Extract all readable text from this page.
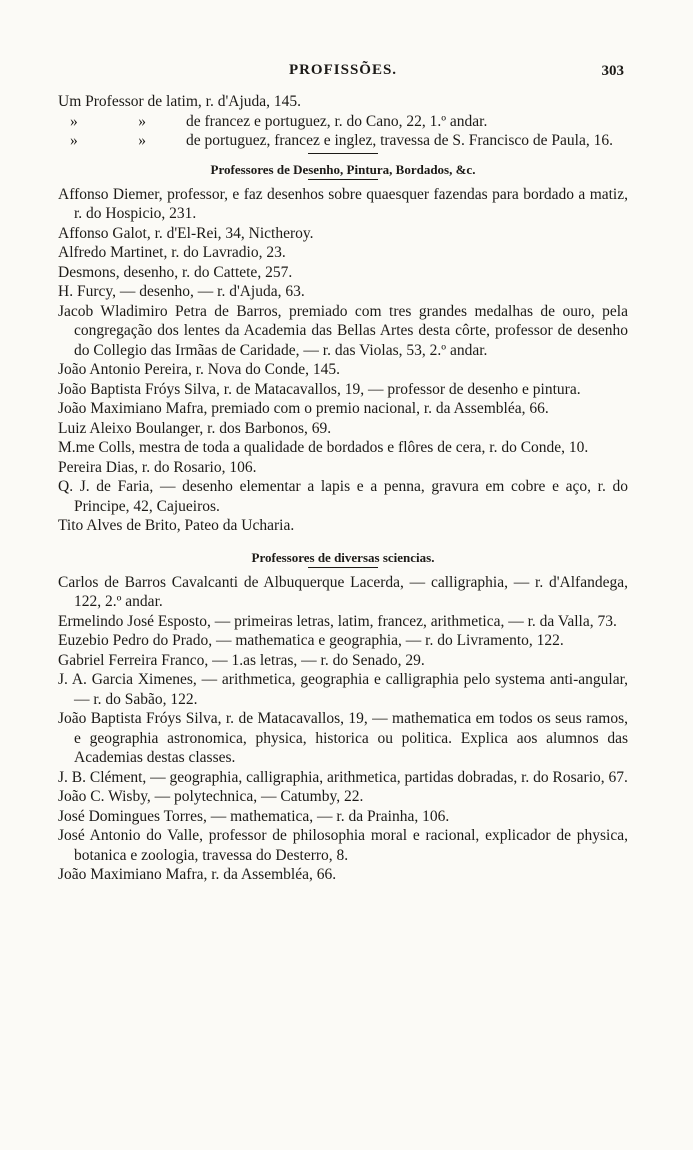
PROFISSÕES.	303

Um Professor de latim, r. d'Ajuda, 145.

»	»	de francez e portuguez, r. do Cano, 22, 1.º andar.

»	»	de portuguez, francez e inglez, travessa de S. Francisco de Paula, 16.

Professores de Desenho, Pintura, Bordados, &c.

Affonso Diemer, professor, e faz desenhos sobre quaesquer fazendas para bordado a matiz, r. do Hospicio, 231.

Affonso Galot, r. d'El-Rei, 34, Nictheroy.

Alfredo Martinet, r. do Lavradio, 23.

Desmons, desenho, r. do Cattete, 257.

H. Furcy, — desenho, — r. d'Ajuda, 63.

Jacob Wladimiro Petra de Barros, premiado com tres grandes medalhas de ouro, pela congregação dos lentes da Academia das Bellas Artes desta côrte, professor de desenho do Collegio das Irmãas de Caridade, — r. das Violas, 53, 2.º andar.

João Antonio Pereira, r. Nova do Conde, 145.

João Baptista Fróys Silva, r. de Matacavallos, 19, — professor de desenho e pintura.

João Maximiano Mafra, premiado com o premio nacional, r. da Assembléa, 66.

Luiz Aleixo Boulanger, r. dos Barbonos, 69.

M.me Colls, mestra de toda a qualidade de bordados e flôres de cera, r. do Conde, 10.

Pereira Dias, r. do Rosario, 106.

Q. J. de Faria, — desenho elementar a lapis e a penna, gravura em cobre e aço, r. do Principe, 42, Cajueiros.

Tito Alves de Brito, Pateo da Ucharia.

Professores de diversas sciencias.

Carlos de Barros Cavalcanti de Albuquerque Lacerda, — calligraphia, — r. d'Alfandega, 122, 2.º andar.

Ermelindo José Esposto, — primeiras letras, latim, francez, arithmetica, — r. da Valla, 73.

Euzebio Pedro do Prado, — mathematica e geographia, — r. do Livramento, 122.

Gabriel Ferreira Franco, — 1.as letras, — r. do Senado, 29.

J. A. Garcia Ximenes, — arithmetica, geographia e calligraphia pelo systema anti-angular, — r. do Sabão, 122.

João Baptista Fróys Silva, r. de Matacavallos, 19, — mathematica em todos os seus ramos, e geographia astronomica, physica, historica ou politica. Explica aos alumnos das Academias destas classes.

J. B. Clément, — geographia, calligraphia, arithmetica, partidas dobradas, r. do Rosario, 67.

João C. Wisby, — polytechnica, — Catumby, 22.

José Domingues Torres, — mathematica, — r. da Prainha, 106.

José Antonio do Valle, professor de philosophia moral e racional, explicador de physica, botanica e zoologia, travessa do Desterro, 8.

João Maximiano Mafra, r. da Assembléa, 66.
